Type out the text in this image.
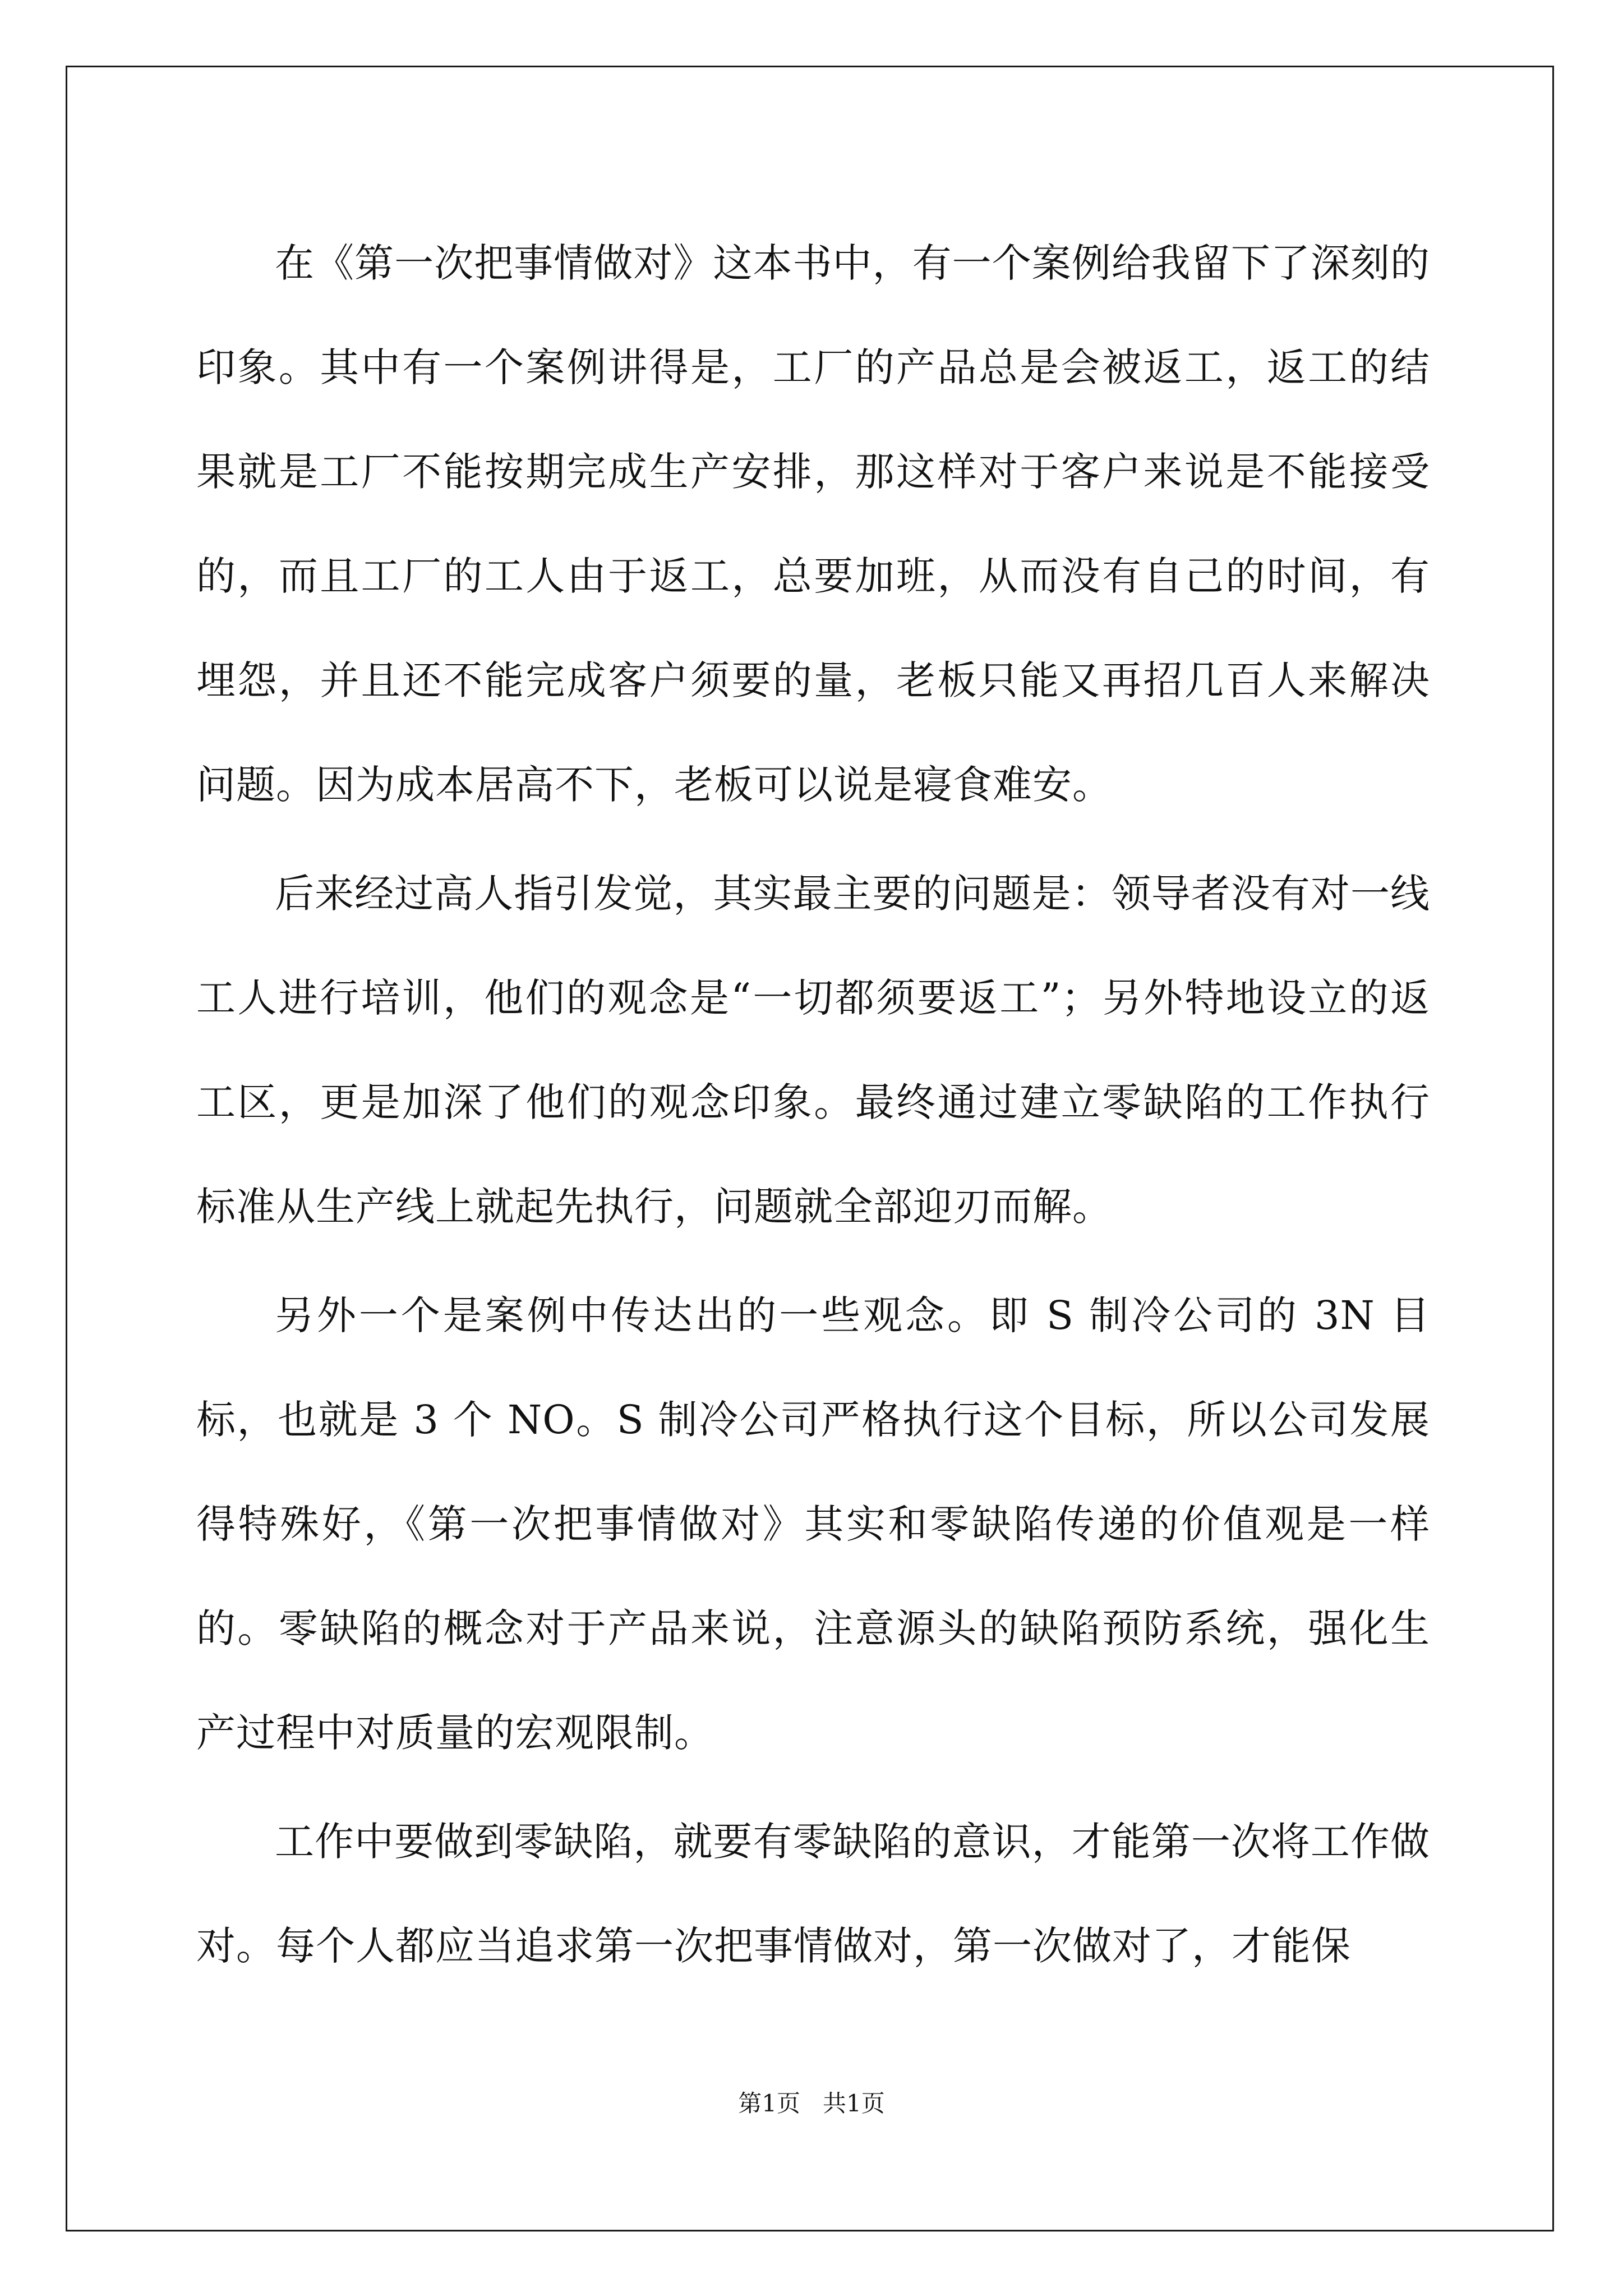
在《第一次把事情做对》这本书中，有一个案例给我留下了深刻的印象。其中有一个案例讲得是，工厂的产品总是会被返工，返工的结果就是工厂不能按期完成生产安排，那这样对于客户来说是不能接受的，而且工厂的工人由于返工，总要加班，从而没有自己的时间，有埋怨，并且还不能完成客户须要的量，老板只能又再招几百人来解决问题。因为成本居高不下，老板可以说是寝食难安。

后来经过高人指引发觉，其实最主要的问题是：领导者没有对一线工人进行培训，他们的观念是“一切都须要返工”；另外特地设立的返工区，更是加深了他们的观念印象。最终通过建立零缺陷的工作执行标准从生产线上就起先执行，问题就全部迎刃而解。

另外一个是案例中传达出的一些观念。即 S 制冷公司的 3N 目标，也就是 3 个 NO。S 制冷公司严格执行这个目标，所以公司发展得特殊好，《第一次把事情做对》其实和零缺陷传递的价值观是一样的。零缺陷的概念对于产品来说，注意源头的缺陷预防系统，强化生产过程中对质量的宏观限制。

工作中要做到零缺陷，就要有零缺陷的意识，才能第一次将工作做对。每个人都应当追求第一次把事情做对，第一次做对了，才能保

第1页   共1页
